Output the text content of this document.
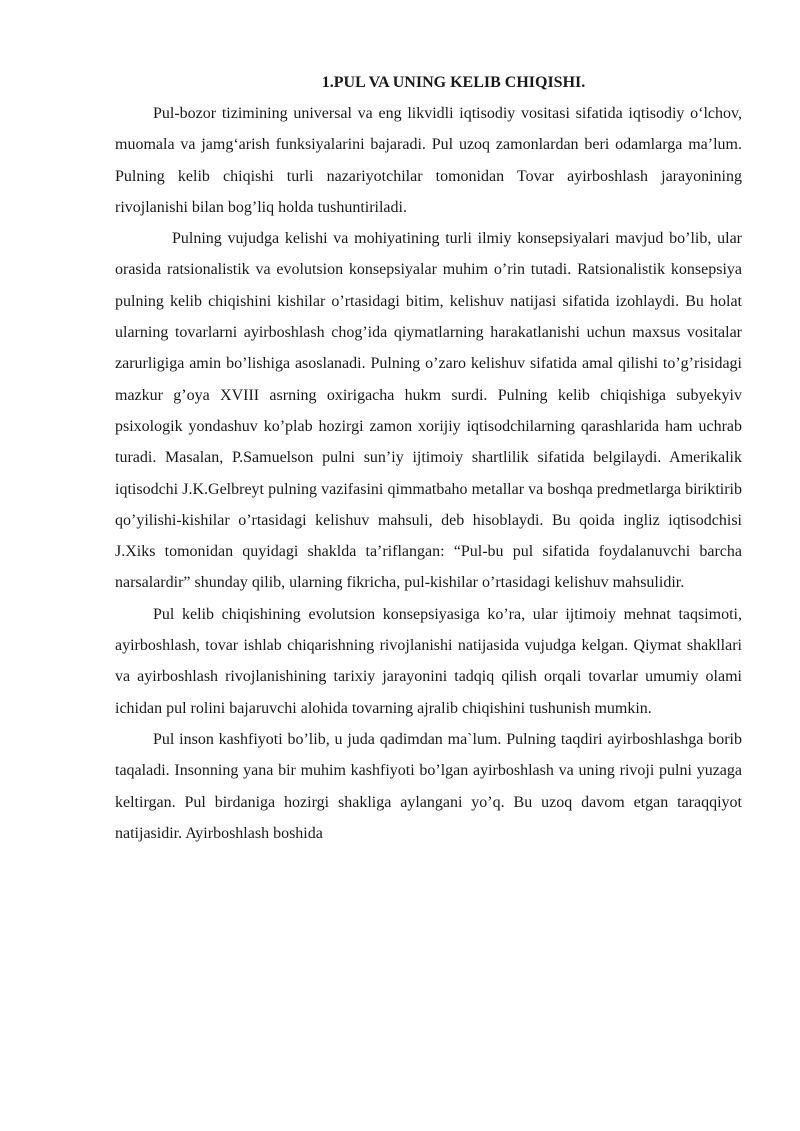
1.PUL VA UNING KELIB CHIQISHI.

Pul-bozor tizimining universal va eng likvidli iqtisodiy vositasi sifatida iqtisodiy o‘lchov, muomala va jamg‘arish funksiyalarini bajaradi. Pul uzoq zamonlardan beri odamlarga ma’lum. Pulning kelib chiqishi turli nazariyotchilar tomonidan Tovar ayirboshlash jarayonining rivojlanishi bilan bog’liq holda tushuntiriladi.

Pulning vujudga kelishi va mohiyatining turli ilmiy konsepsiyalari mavjud bo’lib, ular orasida ratsionalistik va evolutsion konsepsiyalar muhim o’rin tutadi. Ratsionalistik konsepsiya pulning kelib chiqishini kishilar o’rtasidagi bitim, kelishuv natijasi sifatida izohlaydi. Bu holat ularning tovarlarni ayirboshlash chog’ida qiymatlarning harakatlanishi uchun maxsus vositalar zarurligiga amin bo’lishiga asoslanadi. Pulning o’zaro kelishuv sifatida amal qilishi to’g’risidagi mazkur g’oya XVIII asrning oxirigacha hukm surdi. Pulning kelib chiqishiga subyekyiv psixologik yondashuv ko’plab hozirgi zamon xorijiy iqtisodchilarning qarashlarida ham uchrab turadi. Masalan, P.Samuelson pulni sun’iy ijtimoiy shartlilik sifatida belgilaydi. Amerikalik iqtisodchi J.K.Gelbreyt pulning vazifasini qimmatbaho metallar va boshqa predmetlarga biriktirib qo’yilishi-kishilar o’rtasidagi kelishuv mahsuli, deb hisoblaydi. Bu qoida ingliz iqtisodchisi J.Xiks tomonidan quyidagi shaklda ta’riflangan: “Pul-bu pul sifatida foydalanuvchi barcha narsalardir” shunday qilib, ularning fikricha, pul-kishilar o’rtasidagi kelishuv mahsulidir.

Pul kelib chiqishining evolutsion konsepsiyasiga ko’ra, ular ijtimoiy mehnat taqsimoti, ayirboshlash, tovar ishlab chiqarishning rivojlanishi natijasida vujudga kelgan. Qiymat shakllari va ayirboshlash rivojlanishining tarixiy jarayonini tadqiq qilish orqali tovarlar umumiy olami ichidan pul rolini bajaruvchi alohida tovarning ajralib chiqishini tushunish mumkin.

Pul inson kashfiyoti bo’lib, u juda qadimdan ma`lum. Pulning taqdiri ayirboshlashga borib taqaladi. Insonning yana bir muhim kashfiyoti bo’lgan ayirboshlash va uning rivoji pulni yuzaga keltirgan. Pul birdaniga hozirgi shakliga aylangani yo’q. Bu uzoq davom etgan taraqqiyot natijasidir. Ayirboshlash boshida
